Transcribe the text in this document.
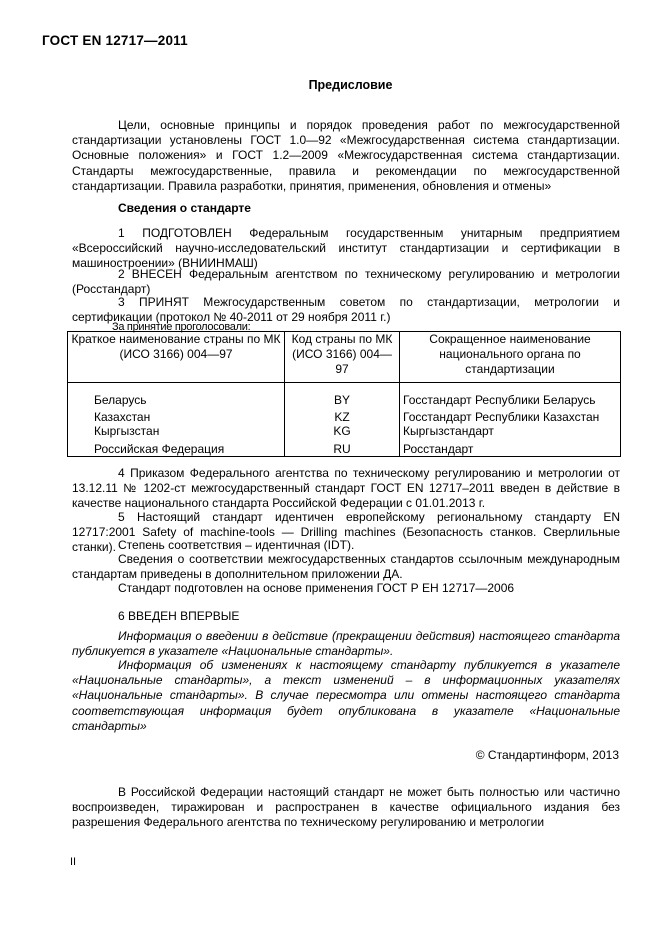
ГОСТ EN 12717—2011
Предисловие
Цели, основные принципы и порядок проведения работ по межгосударственной стандартизации установлены ГОСТ 1.0—92 «Межгосударственная система стандартизации. Основные положения» и ГОСТ 1.2—2009 «Межгосударственная система стандартизации. Стандарты межгосударственные, правила и рекомендации по межгосударственной стандартизации. Правила разработки, принятия, применения, обновления и отмены»
Сведения о стандарте
1 ПОДГОТОВЛЕН Федеральным государственным унитарным предприятием «Всероссийский научно-исследовательский институт стандартизации и сертификации в машиностроении» (ВНИИНМАШ)
2 ВНЕСЕН Федеральным агентством по техническому регулированию и метрологии (Росстандарт)
3 ПРИНЯТ Межгосударственным советом по стандартизации, метрологии и сертификации (протокол № 40-2011 от 29 ноября 2011 г.)
За принятие проголосовали:
Краткое наименование страны по МК (ИСО 3166) 004—97	Код страны по МК (ИСО 3166) 004—97	Сокращенное наименование национального органа по стандартизации
Беларусь	BY	Госстандарт Республики Беларусь
Казахстан	KZ	Госстандарт Республики Казахстан
Кыргызстан	KG	Кыргызстандарт
Российская Федерация	RU	Росстандарт
4 Приказом Федерального агентства по техническому регулированию и метрологии от 13.12.11 № 1202-ст межгосударственный стандарт ГОСТ EN 12717–2011 введен в действие в качестве национального стандарта Российской Федерации с 01.01.2013 г.
5 Настоящий стандарт идентичен европейскому региональному стандарту EN 12717:2001 Safety of machine-tools — Drilling machines (Безопасность станков. Сверлильные станки). Степень соответствия – идентичная (IDT).
Сведения о соответствии межгосударственных стандартов ссылочным международным стандартам приведены в дополнительном приложении ДА.
Стандарт подготовлен на основе применения ГОСТ Р ЕН 12717—2006
6 ВВЕДЕН ВПЕРВЫЕ
Информация о введении в действие (прекращении действия) настоящего стандарта публикуется в указателе «Национальные стандарты».
Информация об изменениях к настоящему стандарту публикуется в указателе «Национальные стандарты», а текст изменений – в информационных указателях «Национальные стандарты». В случае пересмотра или отмены настоящего стандарта соответствующая информация будет опубликована в указателе «Национальные стандарты»
© Стандартинформ, 2013
В Российской Федерации настоящий стандарт не может быть полностью или частично воспроизведен, тиражирован и распространен в качестве официального издания без разрешения Федерального агентства по техническому регулированию и метрологии
II
